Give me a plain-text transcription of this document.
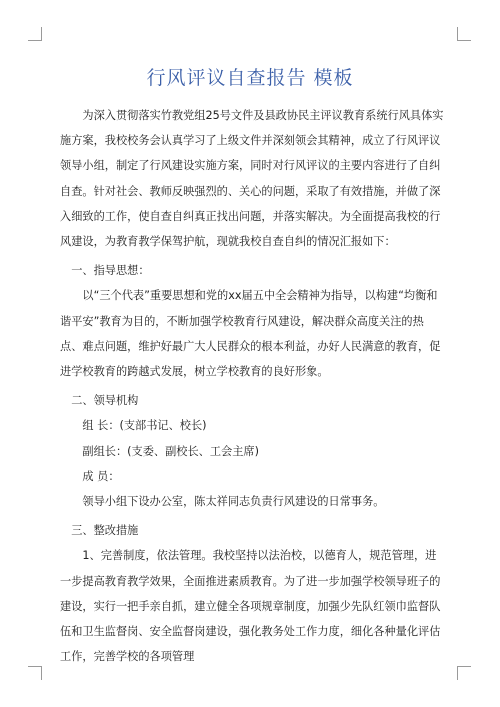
行风评议自查报告 模板

为深入贯彻落实竹教党组25号文件及县政协民主评议教育系统行风具体实施方案，我校校务会认真学习了上级文件并深刻领会其精神，成立了行风评议领导小组，制定了行风建设实施方案，同时对行风评议的主要内容进行了自纠自查。针对社会、教师反映强烈的、关心的问题，采取了有效措施，并做了深入细致的工作，使自查自纠真正找出问题，并落实解决。为全面提高我校的行风建设，为教育教学保驾护航，现就我校自查自纠的情况汇报如下：

一、指导思想：

以“三个代表”重要思想和党的xx届五中全会精神为指导，以构建“均衡和谐平安”教育为目的，不断加强学校教育行风建设，解决群众高度关注的热点、难点问题，维护好最广大人民群众的根本利益，办好人民满意的教育，促进学校教育的跨越式发展，树立学校教育的良好形象。

二、领导机构

组 长：(支部书记、校长)

副组长：(支委、副校长、工会主席)

成 员：

领导小组下设办公室，陈太祥同志负责行风建设的日常事务。

三、整改措施

1、完善制度，依法管理。我校坚持以法治校，以德育人，规范管理，进一步提高教育教学效果，全面推进素质教育。为了进一步加强学校领导班子的建设，实行一把手亲自抓，建立健全各项规章制度，加强少先队红领巾监督队伍和卫生监督岗、安全监督岗建设，强化教务处工作力度，细化各种量化评估工作，完善学校的各项管理
